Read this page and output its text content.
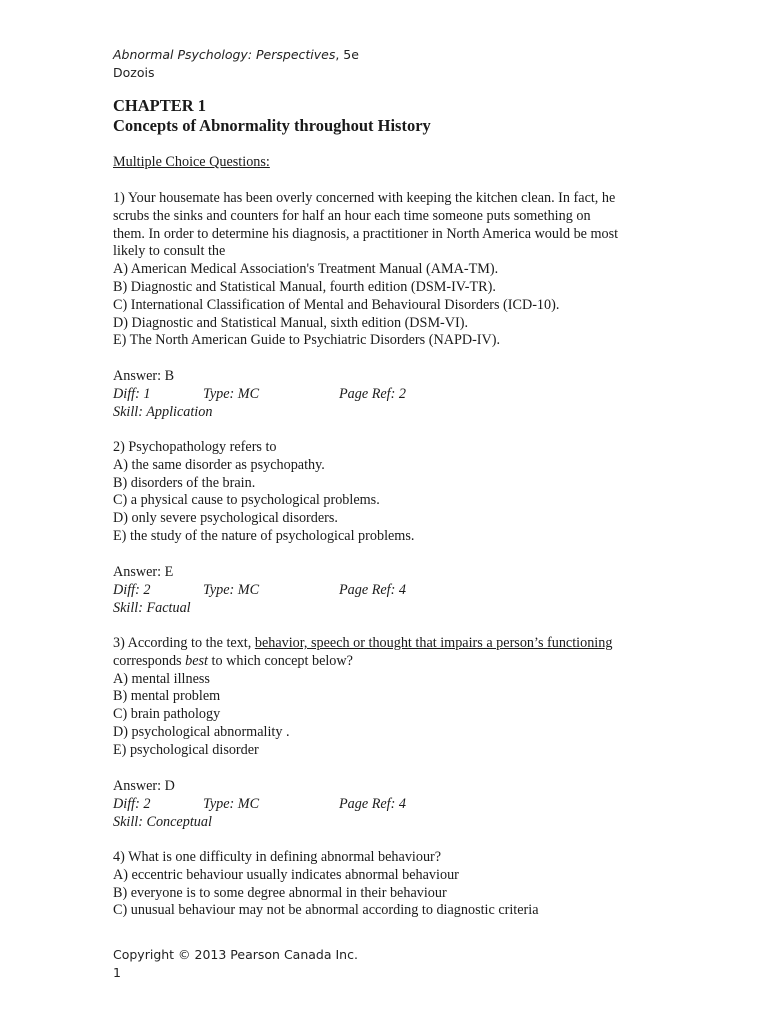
Abnormal Psychology: Perspectives, 5e
Dozois
CHAPTER 1
Concepts of Abnormality throughout History
Multiple Choice Questions:
1) Your housemate has been overly concerned with keeping the kitchen clean. In fact, he
scrubs the sinks and counters for half an hour each time someone puts something on
them. In order to determine his diagnosis, a practitioner in North America would be most
likely to consult the
A) American Medical Association's Treatment Manual (AMA-TM).
B) Diagnostic and Statistical Manual, fourth edition (DSM-IV-TR).
C) International Classification of Mental and Behavioural Disorders (ICD-10).
D) Diagnostic and Statistical Manual, sixth edition (DSM-VI).
E) The North American Guide to Psychiatric Disorders (NAPD-IV).
Answer: B
Diff: 1	Type: MC	Page Ref: 2
Skill: Application
2) Psychopathology refers to
A) the same disorder as psychopathy.
B) disorders of the brain.
C) a physical cause to psychological problems.
D) only severe psychological disorders.
E) the study of the nature of psychological problems.
Answer: E
Diff: 2	Type: MC	Page Ref: 4
Skill: Factual
3) According to the text, behavior, speech or thought that impairs a person’s functioning
corresponds best to which concept below?
A) mental illness
B) mental problem
C) brain pathology
D) psychological abnormality .
E) psychological disorder
Answer: D
Diff: 2	Type: MC	Page Ref: 4
Skill: Conceptual
4) What is one difficulty in defining abnormal behaviour?
A) eccentric behaviour usually indicates abnormal behaviour
B) everyone is to some degree abnormal in their behaviour
C) unusual behaviour may not be abnormal according to diagnostic criteria
Copyright © 2013 Pearson Canada Inc.
1
